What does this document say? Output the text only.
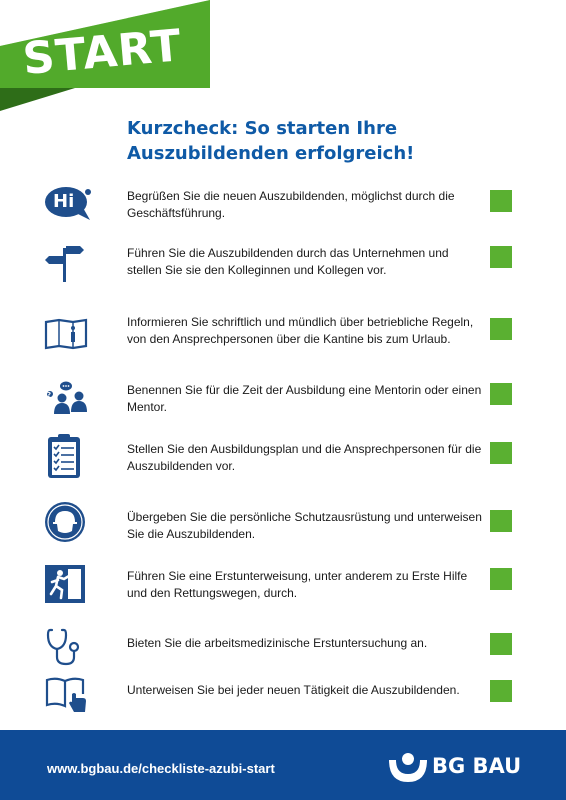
START
Kurzcheck: So starten Ihre
Auszubildenden erfolgreich!
Hi	Begrüßen Sie die neuen Auszubildenden, möglichst durch die Geschäftsführung.
Führen Sie die Auszubildenden durch das Unternehmen und stellen Sie sie den Kolleginnen und Kollegen vor.
Informieren Sie schriftlich und mündlich über betriebliche Regeln, von den Ansprechpersonen über die Kantine bis zum Urlaub.
?	Benennen Sie für die Zeit der Ausbildung eine Mentorin oder einen Mentor.
Stellen Sie den Ausbildungsplan und die Ansprechpersonen für die Auszubildenden vor.
Übergeben Sie die persönliche Schutzausrüstung und unterweisen Sie die Auszubildenden.
Führen Sie eine Erstunterweisung, unter anderem zu Erste Hilfe und den Rettungswegen, durch.
Bieten Sie die arbeitsmedizinische Erstuntersuchung an.
Unterweisen Sie bei jeder neuen Tätigkeit die Auszubildenden.
www.bgbau.de/checkliste-azubi-start	BG BAU
